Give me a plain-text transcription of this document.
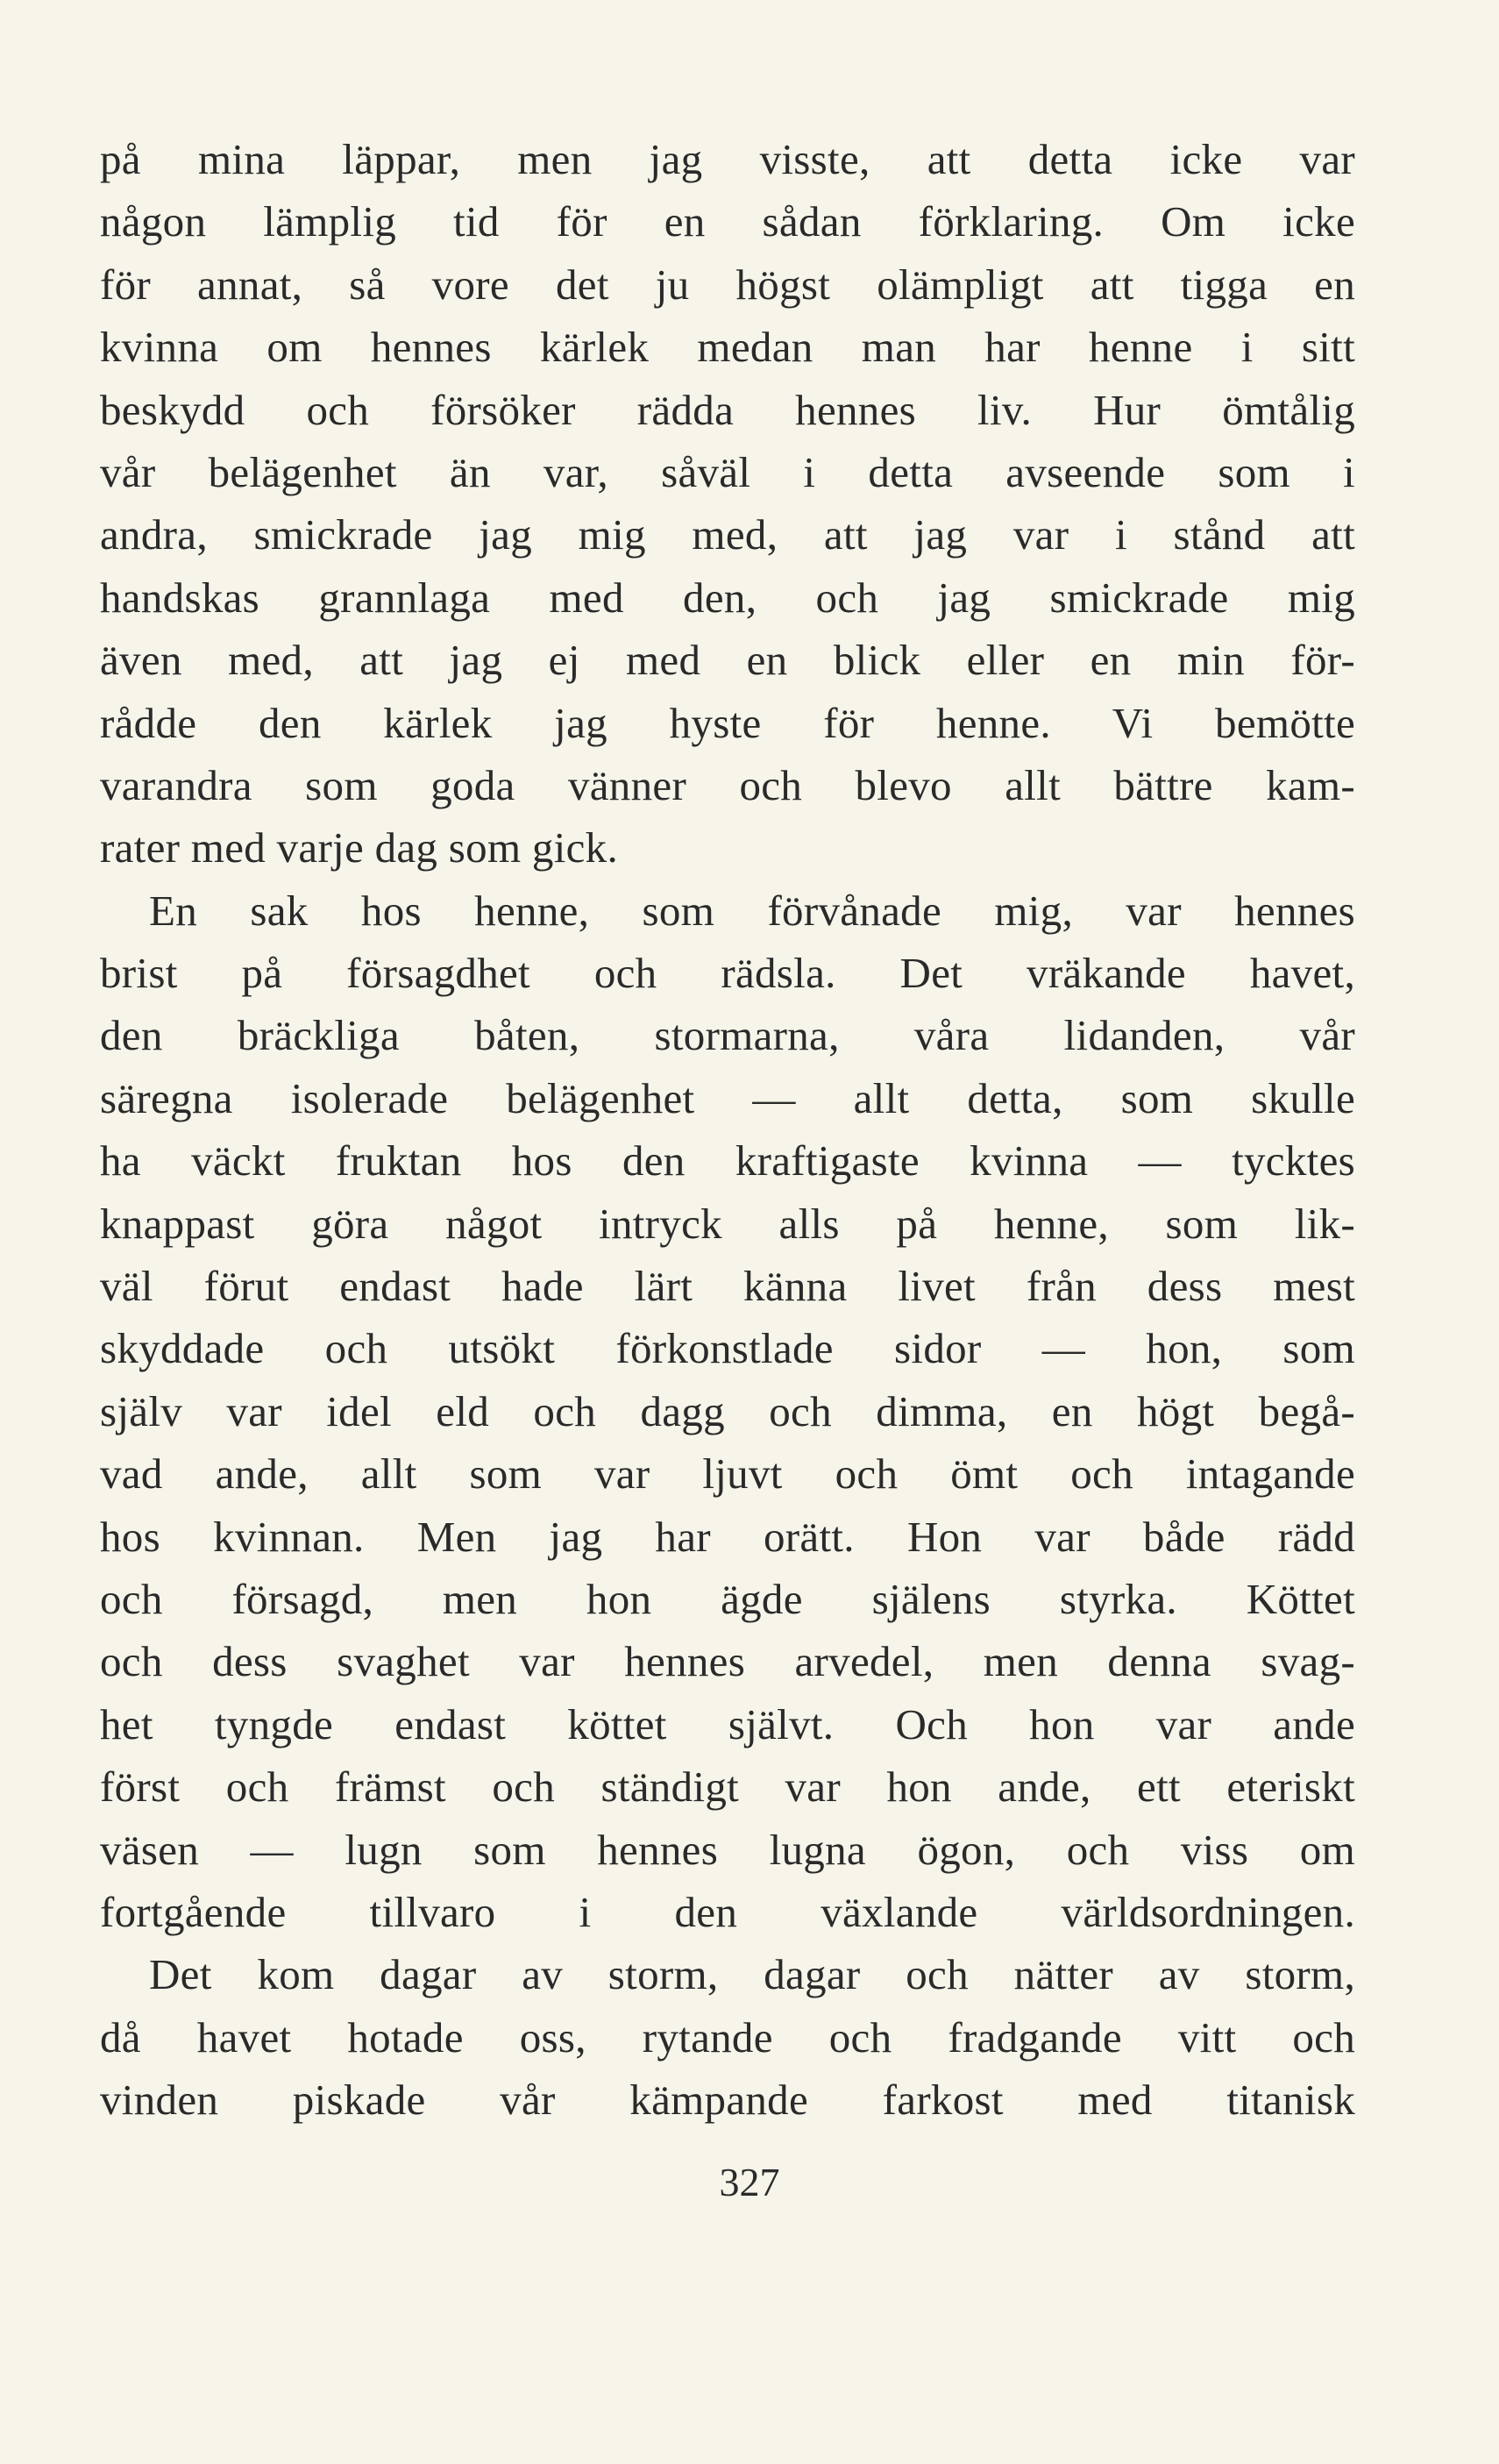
på mina läppar, men jag visste, att detta icke var
någon lämplig tid för en sådan förklaring. Om icke
för annat, så vore det ju högst olämpligt att tigga en
kvinna om hennes kärlek medan man har henne i sitt
beskydd och försöker rädda hennes liv. Hur ömtålig
vår belägenhet än var, såväl i detta avseende som i
andra, smickrade jag mig med, att jag var i stånd att
handskas grannlaga med den, och jag smickrade mig
även med, att jag ej med en blick eller en min för-
rådde den kärlek jag hyste för henne. Vi bemötte
varandra som goda vänner och blevo allt bättre kam-
rater med varje dag som gick.
En sak hos henne, som förvånade mig, var hennes
brist på försagdhet och rädsla. Det vräkande havet,
den bräckliga båten, stormarna, våra lidanden, vår
säregna isolerade belägenhet — allt detta, som skulle
ha väckt fruktan hos den kraftigaste kvinna — tycktes
knappast göra något intryck alls på henne, som lik-
väl förut endast hade lärt känna livet från dess mest
skyddade och utsökt förkonstlade sidor — hon, som
själv var idel eld och dagg och dimma, en högt begå-
vad ande, allt som var ljuvt och ömt och intagande
hos kvinnan. Men jag har orätt. Hon var både rädd
och försagd, men hon ägde själens styrka. Köttet
och dess svaghet var hennes arvedel, men denna svag-
het tyngde endast köttet självt. Och hon var ande
först och främst och ständigt var hon ande, ett eteriskt
väsen — lugn som hennes lugna ögon, och viss om
fortgående tillvaro i den växlande världsordningen.
Det kom dagar av storm, dagar och nätter av storm,
då havet hotade oss, rytande och fradgande vitt och
vinden piskade vår kämpande farkost med titanisk
327
